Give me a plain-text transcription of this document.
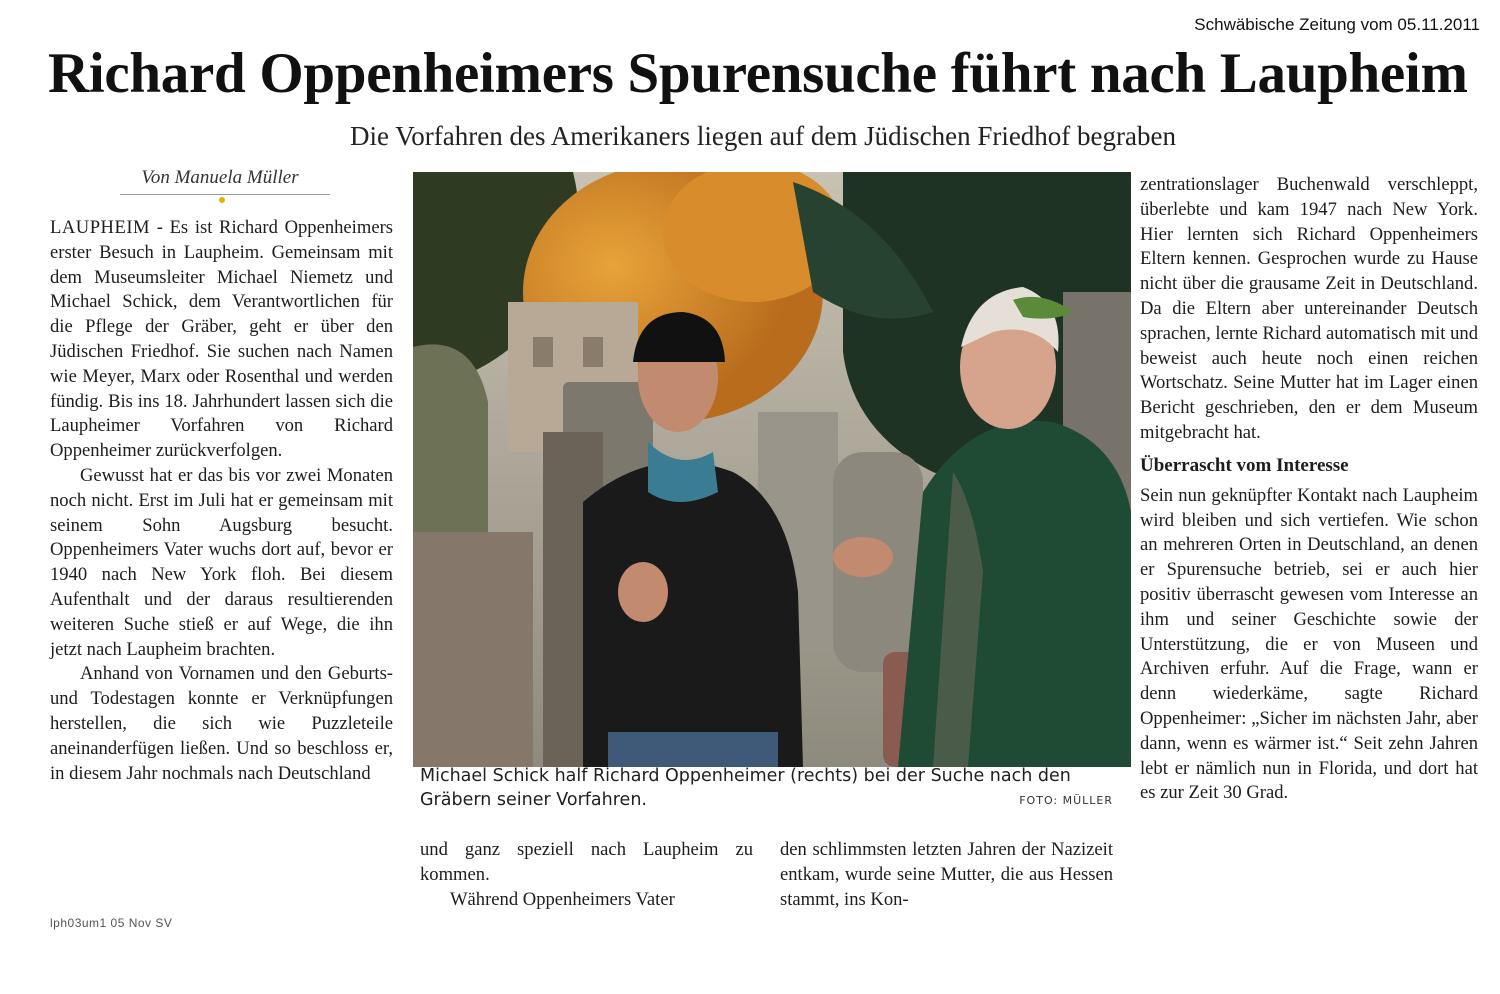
Schwäbische Zeitung vom 05.11.2011
Richard Oppenheimers Spurensuche führt nach Laupheim
Die Vorfahren des Amerikaners liegen auf dem Jüdischen Friedhof begraben
Von Manuela Müller

LAUPHEIM - Es ist Richard Oppenheimers erster Besuch in Laupheim. Gemeinsam mit dem Museumsleiter Michael Niemetz und Michael Schick, dem Verantwortlichen für die Pflege der Gräber, geht er über den Jüdischen Friedhof. Sie suchen nach Namen wie Meyer, Marx oder Rosenthal und werden fündig. Bis ins 18. Jahrhundert lassen sich die Laupheimer Vorfahren von Richard Oppenheimer zurückverfolgen.

Gewusst hat er das bis vor zwei Monaten noch nicht. Erst im Juli hat er gemeinsam mit seinem Sohn Augsburg besucht. Oppenheimers Vater wuchs dort auf, bevor er 1940 nach New York floh. Bei diesem Aufenthalt und der daraus resultierenden weiteren Suche stieß er auf Wege, die ihn jetzt nach Laupheim brachten.

Anhand von Vornamen und den Geburts- und Todestagen konnte er Verknüpfungen herstellen, die sich wie Puzzleteile aneinanderfügen ließen. Und so beschloss er, in diesem Jahr nochmals nach Deutschland

lph03um1 05 Nov SV
Michael Schick half Richard Oppenheimer (rechts) bei der Suche nach den Gräbern seiner Vorfahren.	FOTO: MÜLLER

und ganz speziell nach Laupheim zu kommen.

Während Oppenheimers Vater

den schlimmsten letzten Jahren der Nazizeit entkam, wurde seine Mutter, die aus Hessen stammt, ins Kon-

zentrationslager Buchenwald verschleppt, überlebte und kam 1947 nach New York. Hier lernten sich Richard Oppenheimers Eltern kennen. Gesprochen wurde zu Hause nicht über die grausame Zeit in Deutschland. Da die Eltern aber untereinander Deutsch sprachen, lernte Richard automatisch mit und beweist auch heute noch einen reichen Wortschatz. Seine Mutter hat im Lager einen Bericht geschrieben, den er dem Museum mitgebracht hat.

Überrascht vom Interesse

Sein nun geknüpfter Kontakt nach Laupheim wird bleiben und sich vertiefen. Wie schon an mehreren Orten in Deutschland, an denen er Spurensuche betrieb, sei er auch hier positiv überrascht gewesen vom Interesse an ihm und seiner Geschichte sowie der Unterstützung, die er von Museen und Archiven erfuhr. Auf die Frage, wann er denn wiederkäme, sagte Richard Oppenheimer: „Sicher im nächsten Jahr, aber dann, wenn es wärmer ist.“ Seit zehn Jahren lebt er nämlich nun in Florida, und dort hat es zur Zeit 30 Grad.
